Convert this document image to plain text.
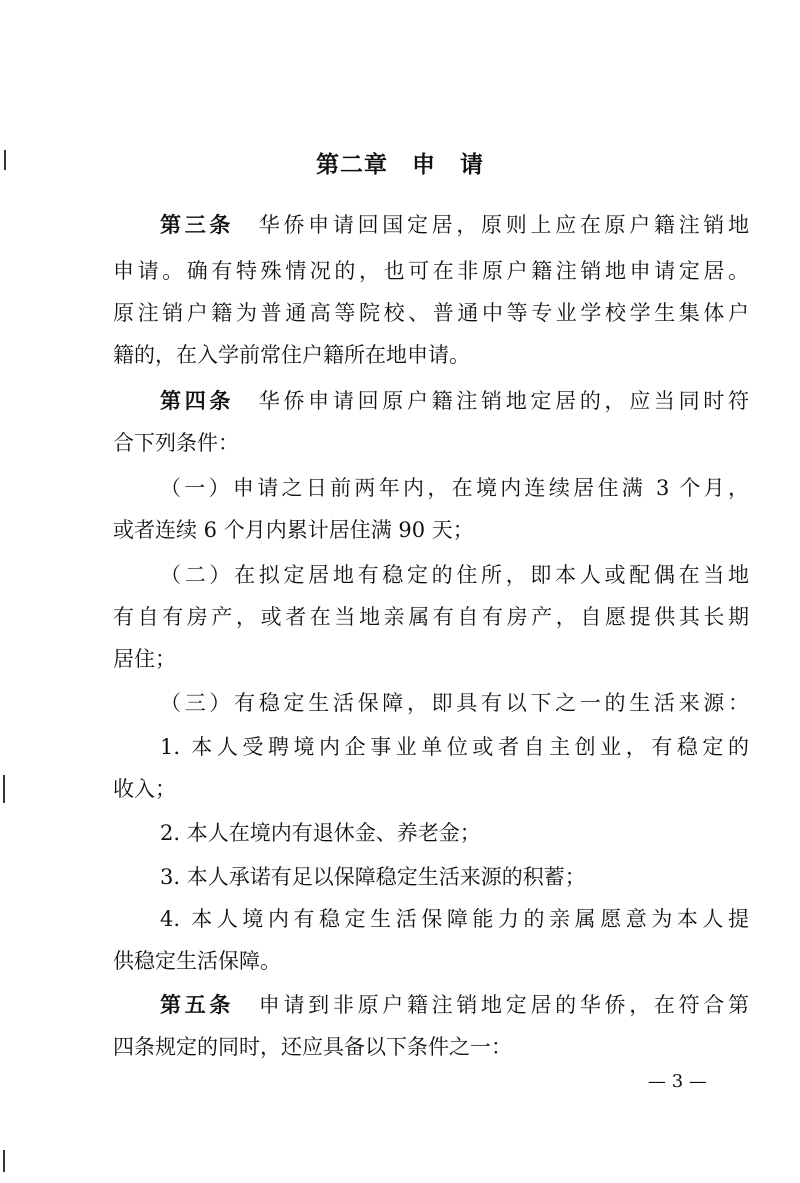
第二章　申　请
第三条　华侨申请回国定居，原则上应在原户籍注销地
申请。确有特殊情况的，也可在非原户籍注销地申请定居。
原注销户籍为普通高等院校、普通中等专业学校学生集体户
籍的，在入学前常住户籍所在地申请。
第四条　华侨申请回原户籍注销地定居的，应当同时符
合下列条件：
（一）申请之日前两年内，在境内连续居住满 3 个月，
或者连续 6 个月内累计居住满 90 天；
（二）在拟定居地有稳定的住所，即本人或配偶在当地
有自有房产，或者在当地亲属有自有房产，自愿提供其长期
居住；
（三）有稳定生活保障，即具有以下之一的生活来源：
1. 本人受聘境内企事业单位或者自主创业，有稳定的
收入；
2. 本人在境内有退休金、养老金；
3. 本人承诺有足以保障稳定生活来源的积蓄；
4. 本人境内有稳定生活保障能力的亲属愿意为本人提
供稳定生活保障。
第五条　申请到非原户籍注销地定居的华侨，在符合第
四条规定的同时，还应具备以下条件之一：
— 3 —
